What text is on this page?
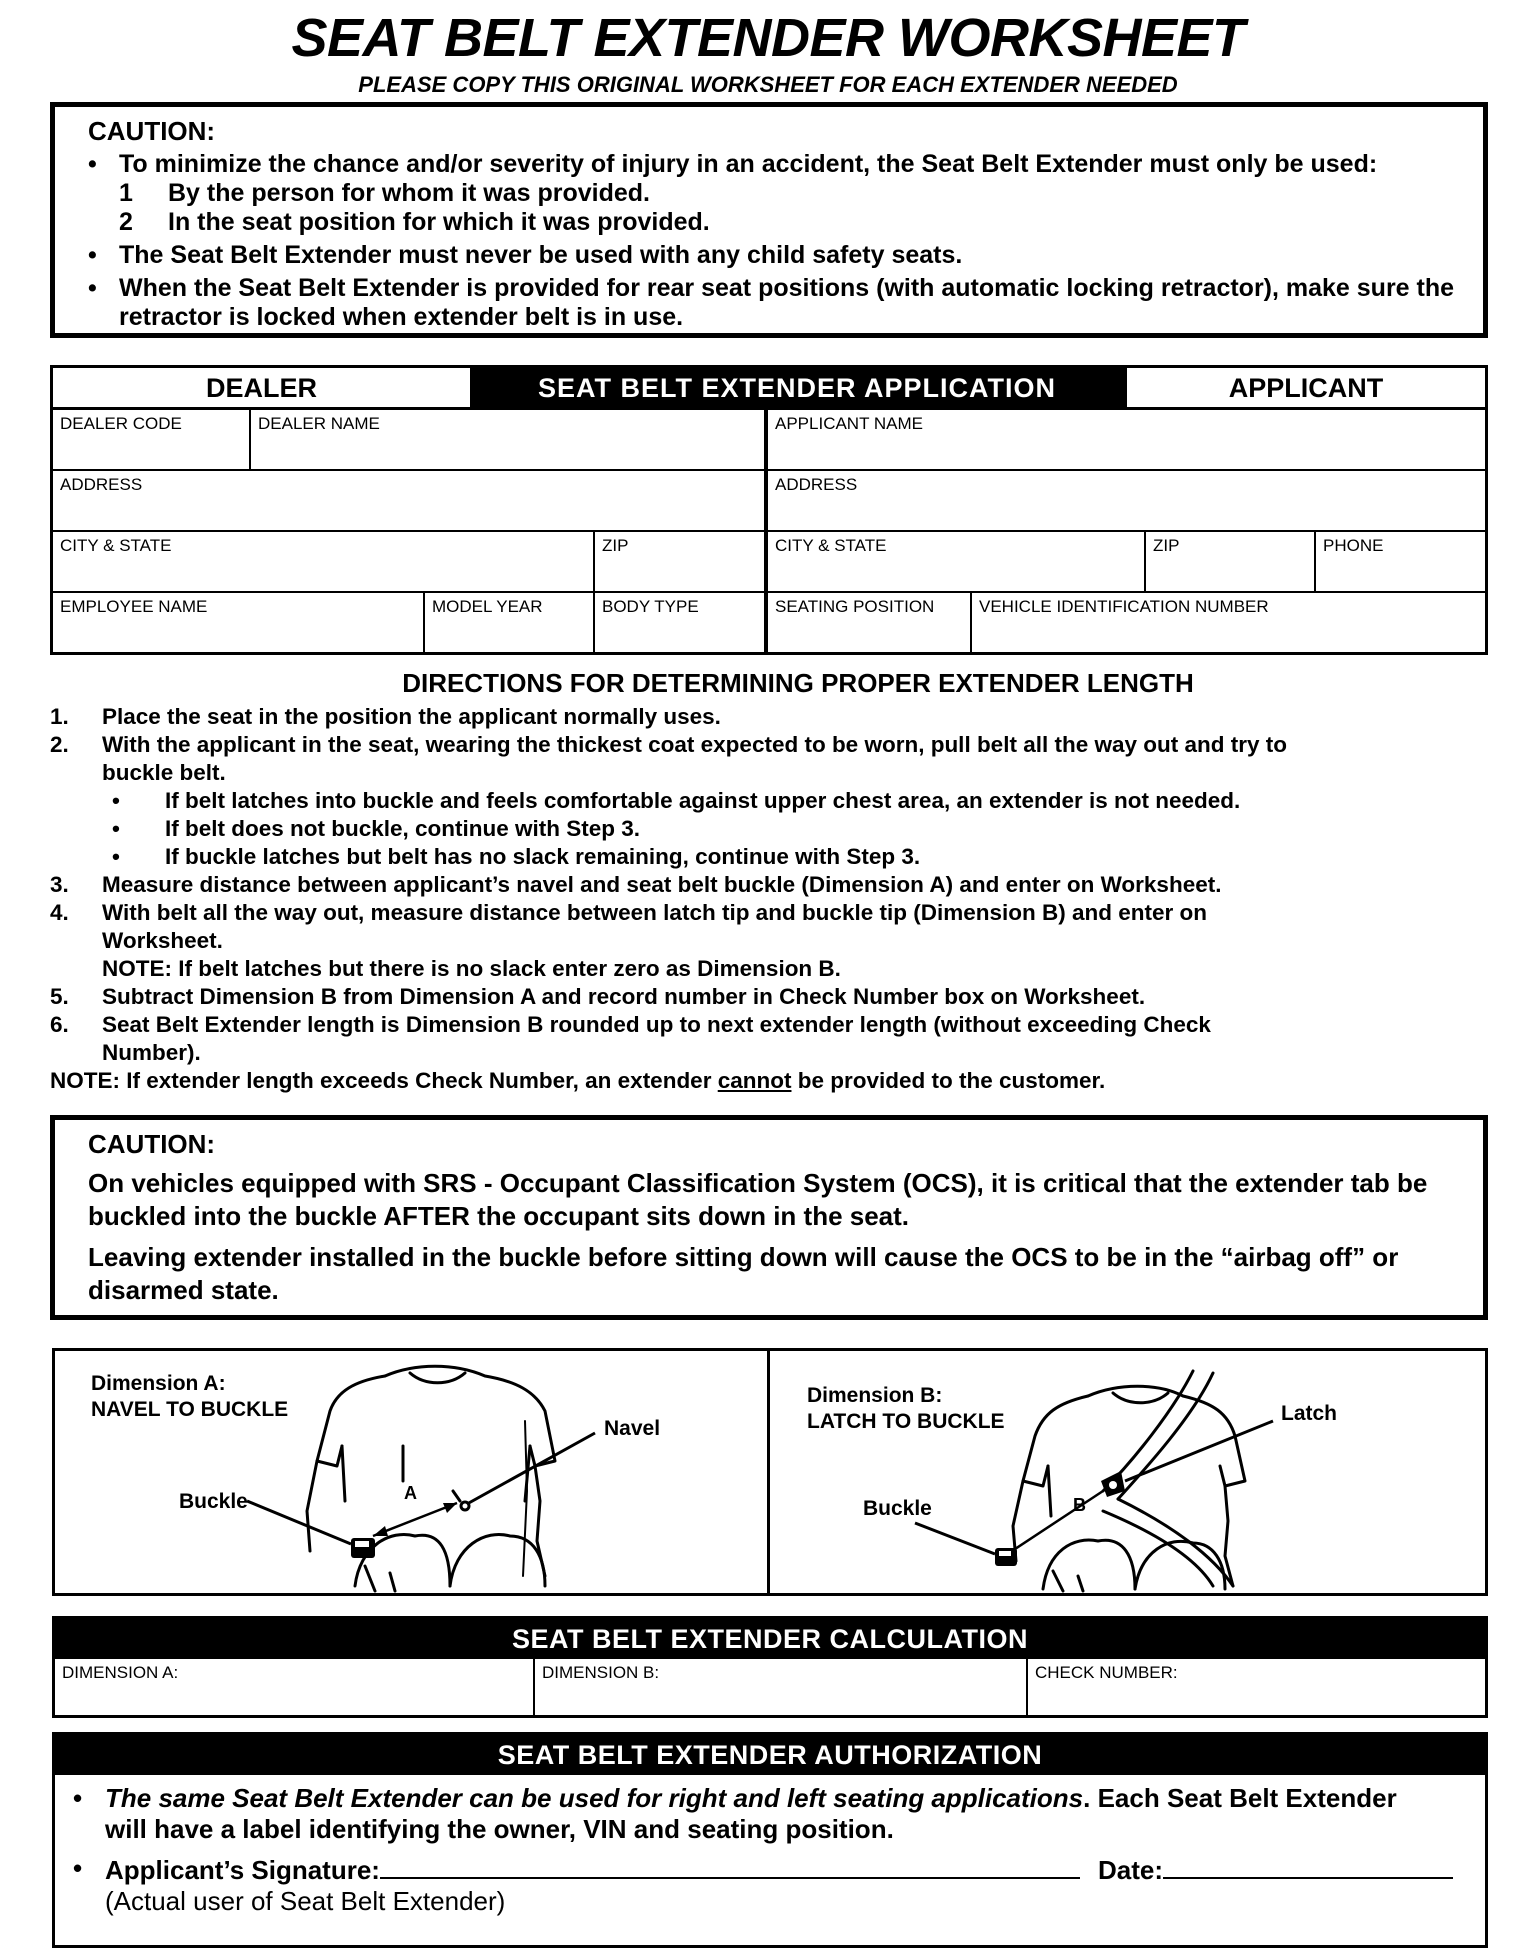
SEAT BELT EXTENDER WORKSHEET
PLEASE COPY THIS ORIGINAL WORKSHEET FOR EACH EXTENDER NEEDED
CAUTION:
• To minimize the chance and/or severity of injury in an accident, the Seat Belt Extender must only be used:
1 By the person for whom it was provided.
2 In the seat position for which it was provided.
• The Seat Belt Extender must never be used with any child safety seats.
• When the Seat Belt Extender is provided for rear seat positions (with automatic locking retractor), make sure the retractor is locked when extender belt is in use.
DEALER	SEAT BELT EXTENDER APPLICATION	APPLICANT
DEALER CODE	DEALER NAME	APPLICANT NAME
ADDRESS	ADDRESS
CITY & STATE	ZIP	CITY & STATE	ZIP	PHONE
EMPLOYEE NAME	MODEL YEAR	BODY TYPE	SEATING POSITION	VEHICLE IDENTIFICATION NUMBER
DIRECTIONS FOR DETERMINING PROPER EXTENDER LENGTH
1. Place the seat in the position the applicant normally uses.
2. With the applicant in the seat, wearing the thickest coat expected to be worn, pull belt all the way out and try to buckle belt.
• If belt latches into buckle and feels comfortable against upper chest area, an extender is not needed.
• If belt does not buckle, continue with Step 3.
• If buckle latches but belt has no slack remaining, continue with Step 3.
3. Measure distance between applicant’s navel and seat belt buckle (Dimension A) and enter on Worksheet.
4. With belt all the way out, measure distance between latch tip and buckle tip (Dimension B) and enter on Worksheet.
NOTE: If belt latches but there is no slack enter zero as Dimension B.
5. Subtract Dimension B from Dimension A and record number in Check Number box on Worksheet.
6. Seat Belt Extender length is Dimension B rounded up to next extender length (without exceeding Check Number).
NOTE: If extender length exceeds Check Number, an extender cannot be provided to the customer.
CAUTION:

On vehicles equipped with SRS - Occupant Classification System (OCS), it is critical that the extender tab be buckled into the buckle AFTER the occupant sits down in the seat.

Leaving extender installed in the buckle before sitting down will cause the OCS to be in the “airbag off” or disarmed state.

Dimension A:
NAVEL TO BUCKLE
Navel
Buckle	A
Dimension B:
LATCH TO BUCKLE	Latch
Buckle	B
SEAT BELT EXTENDER CALCULATION
DIMENSION A:	DIMENSION B:	CHECK NUMBER:
SEAT BELT EXTENDER AUTHORIZATION
• The same Seat Belt Extender can be used for right and left seating applications. Each Seat Belt Extender will have a label identifying the owner, VIN and seating position.
• Applicant’s Signature:	Date:
(Actual user of Seat Belt Extender)
